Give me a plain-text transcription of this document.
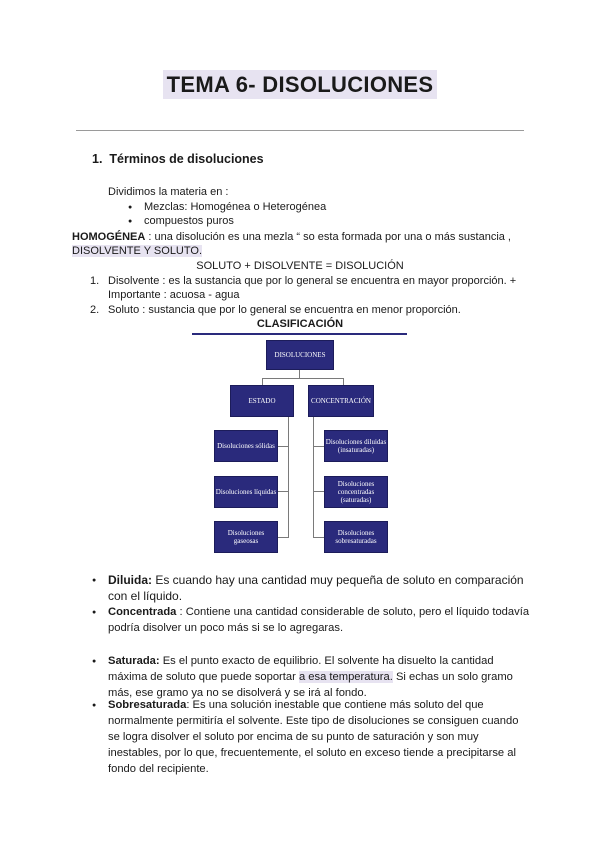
TEMA 6- DISOLUCIONES
1. Términos de disoluciones
Dividimos la materia en :
● Mezclas: Homogénea o Heterogénea
● compuestos puros
HOMOGÉNEA : una disolución es una mezla “ so esta formada por una o más sustancia ,
DISOLVENTE Y SOLUTO.
SOLUTO + DISOLVENTE = DISOLUCIÓN
1. Disolvente : es la sustancia que por lo general se encuentra en mayor proporción. +
Importante : acuosa - agua
2. Soluto : sustancia que por lo general se encuentra en menor proporción.
CLASIFICACIÓN
DISOLUCIONES
ESTADO	CONCENTRACIÓN
Disoluciones sólidas
Disoluciones líquidas
Disoluciones gaseosas
Disoluciones diluidas (insaturadas)
Disoluciones concentradas (saturadas)
Disoluciones sobresaturadas
● Diluida: Es cuando hay una cantidad muy pequeña de soluto en comparación
con el líquido.
● Concentrada : Contiene una cantidad considerable de soluto, pero el líquido todavía
podría disolver un poco más si se lo agregaras.
● Saturada: Es el punto exacto de equilibrio. El solvente ha disuelto la cantidad
máxima de soluto que puede soportar a esa temperatura. Si echas un solo gramo
más, ese gramo ya no se disolverá y se irá al fondo.
● Sobresaturada: Es una solución inestable que contiene más soluto del que
normalmente permitiría el solvente. Este tipo de disoluciones se consiguen cuando
se logra disolver el soluto por encima de su punto de saturación y son muy
inestables, por lo que, frecuentemente, el soluto en exceso tiende a precipitarse al
fondo del recipiente.
